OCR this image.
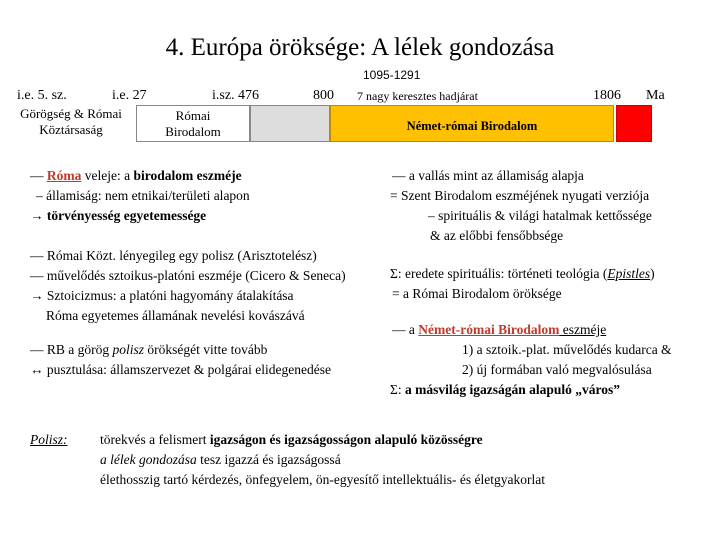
4. Európa öröksége: A lélek gondozása
i.e. 5. sz.	i.e. 27	i.sz. 476	800
1095-1291
7 nagy keresztes hadjárat	1806 Ma
Görögség & Római
Köztársaság
Római
Birodalom	Német-római Birodalom
— Róma veleje: a birodalom eszméje
– államiság: nem etnikai/területi alapon
→ törvényesség egyetemessége
— Római Közt. lényegileg egy polisz (Arisztotelész)
— művelődés sztoikus-platóni eszméje (Cicero & Seneca)
→ Sztoicizmus: a platóni hagyomány átalakítása
Róma egyetemes államának nevelési kovászává
— RB a görög polisz örökségét vitte tovább
↔ pusztulása: államszervezet & polgárai elidegenedése
— a vallás mint az államiság alapja
= Szent Birodalom eszméjének nyugati verziója
– spirituális & világi hatalmak kettőssége
& az előbbi fensőbbsége
Σ: eredete spirituális: történeti teológia (Epistles)
= a Római Birodalom öröksége
— a Német-római Birodalom eszméje
1) a sztoik.-plat. művelődés kudarca &
2) új formában való megvalósulása
Σ: a másvilág igazságán alapuló „város”
Polisz: törekvés a felismert igazságon és igazságosságon alapuló közösségre
a lélek gondozása tesz igazzá és igazságossá
élethosszig tartó kérdezés, önfegyelem, ön-egyesítő intellektuális- és életgyakorlat
